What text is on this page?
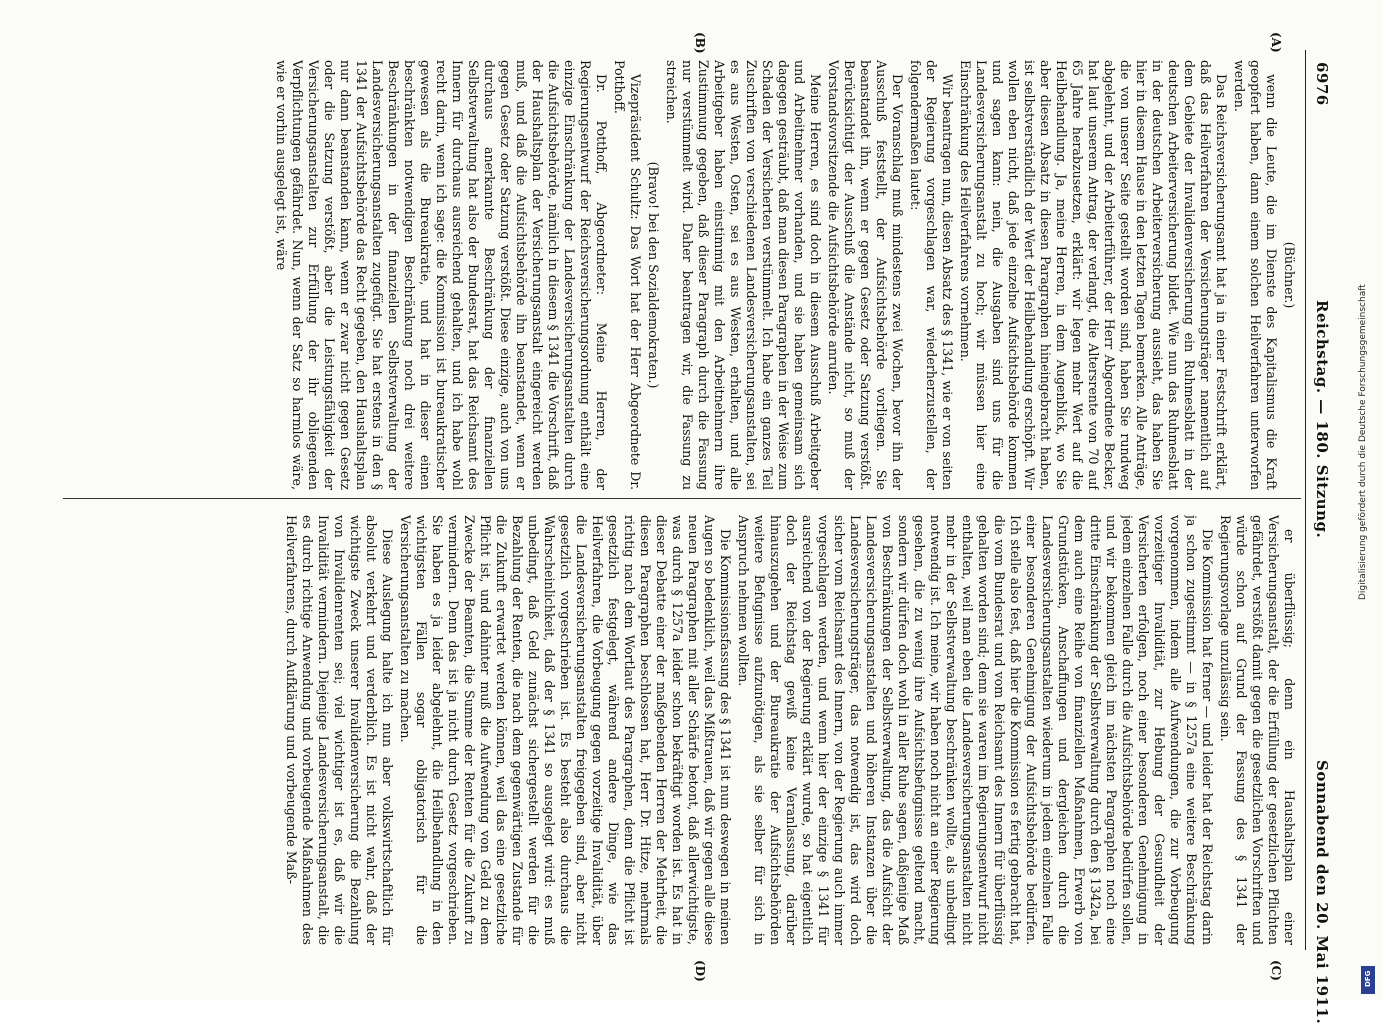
6976
Reichstag. — 180. Sitzung.
Sonnabend den 20. Mai 1911.
(A)
(B)
(C)
(D)

(Büchner.)

wenn die Leute, die im Dienste des Kapitalismus die Kraft geopfert haben, dann einem solchen Heilverfahren unterworfen werden.

Das Reichsversicherungsamt hat ja in einer Festschrift erklärt, daß das Heilverfahren der Versicherungsträger namentlich auf dem Gebiete der Invalidenversicherung ein Ruhmesblatt in der deutschen Arbeiterversicherung bildet. Wie nun das Ruhmesblatt in der deutschen Arbeiterversicherung aussieht, das haben Sie hier in diesem Hause in den letzten Tagen bemerken. Alle Anträge, die von unserer Seite gestellt worden sind, haben Sie rundweg abgelehnt, und der Arbeiterführer, der Herr Abgeordnete Becker, hat laut unserem Antrag, der verlangt, die Altersrente von 70 auf 65 Jahre herabzusetzen, erklärt: wir legen mehr Wert auf die Heilbehandlung. Ja, meine Herren, in dem Augenblick, wo Sie aber diesen Absatz in diesen Paragraphen hineingebracht haben, ist selbstverständlich der Wert der Heilbehandlung erschöpft. Wir wollen eben nicht, daß jede einzelne Aufsichtsbehörde kommen und sagen kann: nein, die Ausgaben sind uns für die Landesversicherungsanstalt zu hoch; wir müssen hier eine Einschränkung des Heilverfahrens vornehmen.

Wir beantragen nun, diesen Absatz des § 1341, wie er von seiten der Regierung vorgeschlagen war, wiederherzustellen, der folgendermaßen lautet:

Der Voranschlag muß mindestens zwei Wochen, bevor ihn der Ausschuß feststellt, der Aufsichtsbehörde vorliegen. Sie beanstandet ihn, wenn er gegen Gesetz oder Satzung verstößt. Berücksichtigt der Ausschuß die Anstände nicht, so muß der Vorstandsvorsitzende die Aufsichtsbehörde anrufen.

Meine Herren, es sind doch in diesem Ausschuß Arbeitgeber und Arbeitnehmer vorhanden, und sie haben gemeinsam sich dagegen gesträubt, daß man diesen Paragraphen in der Weise zum Schaden der Versicherten verstümmelt. Ich habe ein ganzes Teil Zuschriften von verschiedenen Landesversicherungsanstalten, sei es aus Westen, Osten, sei es aus Westen, erhalten, und alle Arbeitgeber haben einstimmig mit den Arbeitnehmern ihre Zustimmung gegeben, daß dieser Paragraph durch die Fassung nur verstümmelt wird. Daher beantragen wir, die Fassung zu streichen.

(Bravo! bei den Sozialdemokraten.)

Vizepräsident Schultz: Das Wort hat der Herr Abgeordnete Dr. Potthoff.

Dr. Potthoff, Abgeordneter: Meine Herren, der Regierungsentwurf der Reichsversicherungsordnung enthält eine einzige Einschränkung der Landesversicherungsanstalten durch die Aufsichtsbehörde, nämlich in diesem § 1341 die Vorschrift, daß der Haushaltsplan der Versicherungsanstalt eingereicht werden muß, und daß die Aufsichtsbehörde ihn beanstandet, wenn er gegen Gesetz oder Satzung verstößt. Diese einzige, auch von uns durchaus anerkannte Beschränkung der finanziellen Selbstverwaltung hat also der Bundesrat, hat das Reichsamt des Innern für durchaus ausreichend gehalten, und ich habe wohl recht darin, wenn ich sage: die Kommission ist bureaukratischer gewesen als die Bureaukratie, und hat in dieser einen beschränkten notwendigen Beschränkung noch drei weitere Beschränkungen in der finanziellen Selbstverwaltung der Landesversicherungsanstalten zugefügt. Sie hat erstens in den § 1341 der Aufsichtsbehörde das Recht gegeben, den Haushaltsplan nur dann beanstanden kann, wenn er zwar nicht gegen Gesetz oder die Satzung verstößt, aber die Leistungsfähigkeit der Versicherungsanstalten zur Erfüllung der ihr obliegenden Verpflichtungen gefährdet. Nun, wenn der Satz so harmlos wäre, wie er vorhin ausgelegt ist, wäre

er überflüssig; denn ein Haushaltsplan einer Versicherungsanstalt, der die Erfüllung der gesetzlichen Pflichten gefährdet, verstößt damit gegen die gesetzlichen Vorschriften und würde schon auf Grund der Fassung des § 1341 der Regierungsvorlage unzulässig sein.

Die Kommission hat ferner — und leider hat der Reichstag darin ja schon zugestimmt — in § 1257a eine weitere Beschränkung vorgenommen, indem alle Aufwendungen, die zur Vorbeugung vorzeitiger Invalidität, zur Hebung der Gesundheit der Versicherten erfolgen, noch einer besonderen Genehmigung in jedem einzelnen Falle durch die Aufsichtsbehörde bedürfen sollen, und wir bekommen gleich im nächsten Paragraphen noch eine dritte Einschränkung der Selbstverwaltung durch den § 1342a, bei dem auch eine Reihe von finanziellen Maßnahmen, Erwerb von Grundstücken, Anschaffungen und dergleichen durch die Landesversicherungsanstalten wiederum in jedem einzelnen Falle einer besonderen Genehmigung der Aufsichtsbehörde bedürfen. Ich stelle also fest, daß hier die Kommission es fertig gebracht hat, die vom Bundesrat und vom Reichsamt des Innern für überflüssig gehalten worden sind; denn sie waren im Regierungsentwurf nicht enthalten, weil man eben die Landesversicherungsanstalten nicht mehr in der Selbstverwaltung beschränken wollte, als unbedingt notwendig ist. Ich meine, wir haben noch nicht an einer Regierung gesehen, die zu wenig ihre Aufsichtsbefugnisse geltend macht, sondern wir dürfen doch wohl in aller Ruhe sagen, daßjenige Maß von Beschränkungen der Selbstverwaltung, das die Aufsicht der Landesversicherungsanstalten und höheren Instanzen über die Landesversicherungsträger, das notwendig ist, das wird doch sicher vom Reichsamt des Innern, von der Regierung auch immer vorgeschlagen werden, und wenn hier der einzige § 1341 für ausreichend von der Regierung erklärt wurde, so hat eigentlich doch der Reichstag gewiß keine Veranlassung, darüber hinauszugehen und der Bureaukratie der Aufsichtsbehörden weitere Befugnisse aufzunötigen, als sie selber für sich in Anspruch nehmen wollten.

Die Kommissionsfassung des § 1341 ist nun deswegen in meinen Augen so bedenklich, weil das Mißtrauen, daß wir gegen alle diese neuen Paragraphen mit aller Schärfe betont, daß allerwichtigste, was durch § 1257a leider schon bekräftigt worden ist. Es hat in dieser Debatte einer der maßgebenden Herren der Mehrheit, die diesen Paragraphen beschlossen hat, Herr Dr. Hitze, mehrmals richtig nach dem Wortlaut des Paragraphen, denn die Pflicht ist gesetzlich festgelegt, während andere Dinge, wie das Heilverfahren, die Vorbeugung gegen vorzeitige Invalidität, über die Landesversicherungsanstalten freigegeben sind, aber nicht gesetzlich vorgeschrieben ist. Es besteht also durchaus die Wahrscheinlichkeit, daß der § 1341 so ausgelegt wird: es muß unbedingt, daß Geld zunächst sichergestellt werden für die Bezahlung der Renten, die nach dem gegenwärtigen Zustande für die Zukunft erwartet werden können, weil das eine gesetzliche Pflicht ist, und dahinter muß die Aufwendung von Geld zu dem Zwecke der Beamten, die Summe der Renten für die Zukunft zu vermindern. Denn das ist ja nicht durch Gesetz vorgeschrieben. Sie haben es ja leider abgelehnt, die Heilbehandlung in den wichtigsten Fällen sogar obligatorisch für die Versicherungsanstalten zu machen.

Diese Auslegung halte ich nun aber volkswirtschaftlich für absolut verkehrt und verderblich. Es ist nicht wahr, daß der wichtigste Zweck unserer Invalidenversicherung die Bezahlung von Invalidenrenten sei; viel wichtiger ist es, daß wir die Invalidität vermindern. Diejenige Landesversicherungsanstalt, die es durch richtige Anwendung und vorbeugende Maßnahmen des Heilverfahrens, durch Aufklärung und vorbeugende Maß-

Digitalisierung gefördert durch die Deutsche Forschungsgemeinschaft
DFG
